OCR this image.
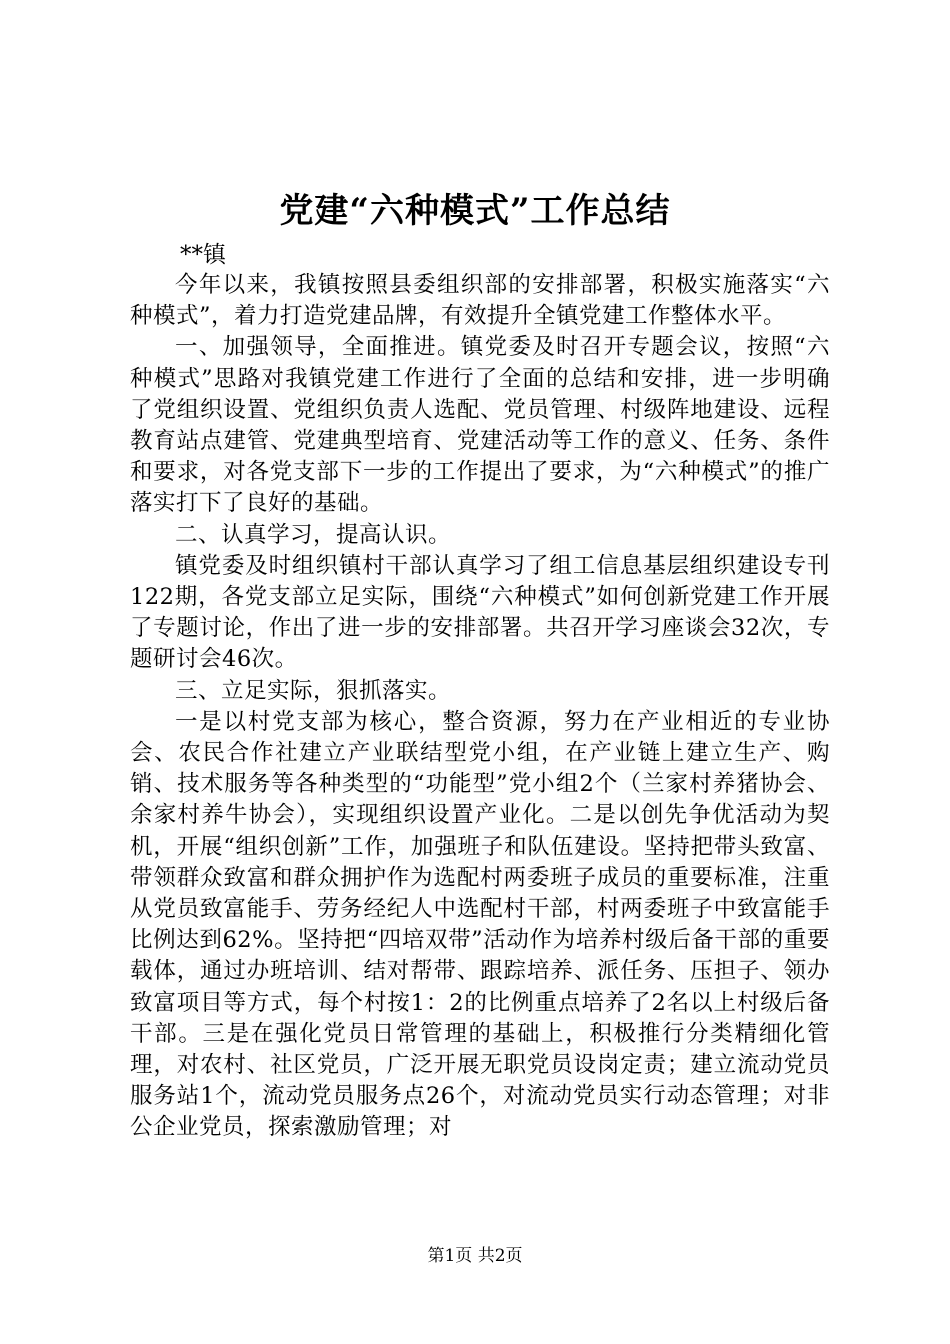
党建“六种模式”工作总结

**镇

今年以来，我镇按照县委组织部的安排部署，积极实施落实“六种模式”，着力打造党建品牌，有效提升全镇党建工作整体水平。

一、加强领导，全面推进。镇党委及时召开专题会议，按照“六种模式”思路对我镇党建工作进行了全面的总结和安排，进一步明确了党组织设置、党组织负责人选配、党员管理、村级阵地建设、远程教育站点建管、党建典型培育、党建活动等工作的意义、任务、条件和要求，对各党支部下一步的工作提出了要求，为“六种模式”的推广落实打下了良好的基础。

二、认真学习，提高认识。

镇党委及时组织镇村干部认真学习了组工信息基层组织建设专刊122期，各党支部立足实际，围绕“六种模式”如何创新党建工作开展了专题讨论，作出了进一步的安排部署。共召开学习座谈会32次，专题研讨会46次。

三、立足实际，狠抓落实。

一是以村党支部为核心，整合资源，努力在产业相近的专业协会、农民合作社建立产业联结型党小组，在产业链上建立生产、购销、技术服务等各种类型的“功能型”党小组2个（兰家村养猪协会、余家村养牛协会），实现组织设置产业化。二是以创先争优活动为契机，开展“组织创新”工作，加强班子和队伍建设。坚持把带头致富、带领群众致富和群众拥护作为选配村两委班子成员的重要标准，注重从党员致富能手、劳务经纪人中选配村干部，村两委班子中致富能手比例达到62%。坚持把“四培双带”活动作为培养村级后备干部的重要载体，通过办班培训、结对帮带、跟踪培养、派任务、压担子、领办致富项目等方式，每个村按1：2的比例重点培养了2名以上村级后备干部。三是在强化党员日常管理的基础上，积极推行分类精细化管理，对农村、社区党员，广泛开展无职党员设岗定责；建立流动党员服务站1个，流动党员服务点26个，对流动党员实行动态管理；对非公企业党员，探索激励管理；对

第1页 共2页
